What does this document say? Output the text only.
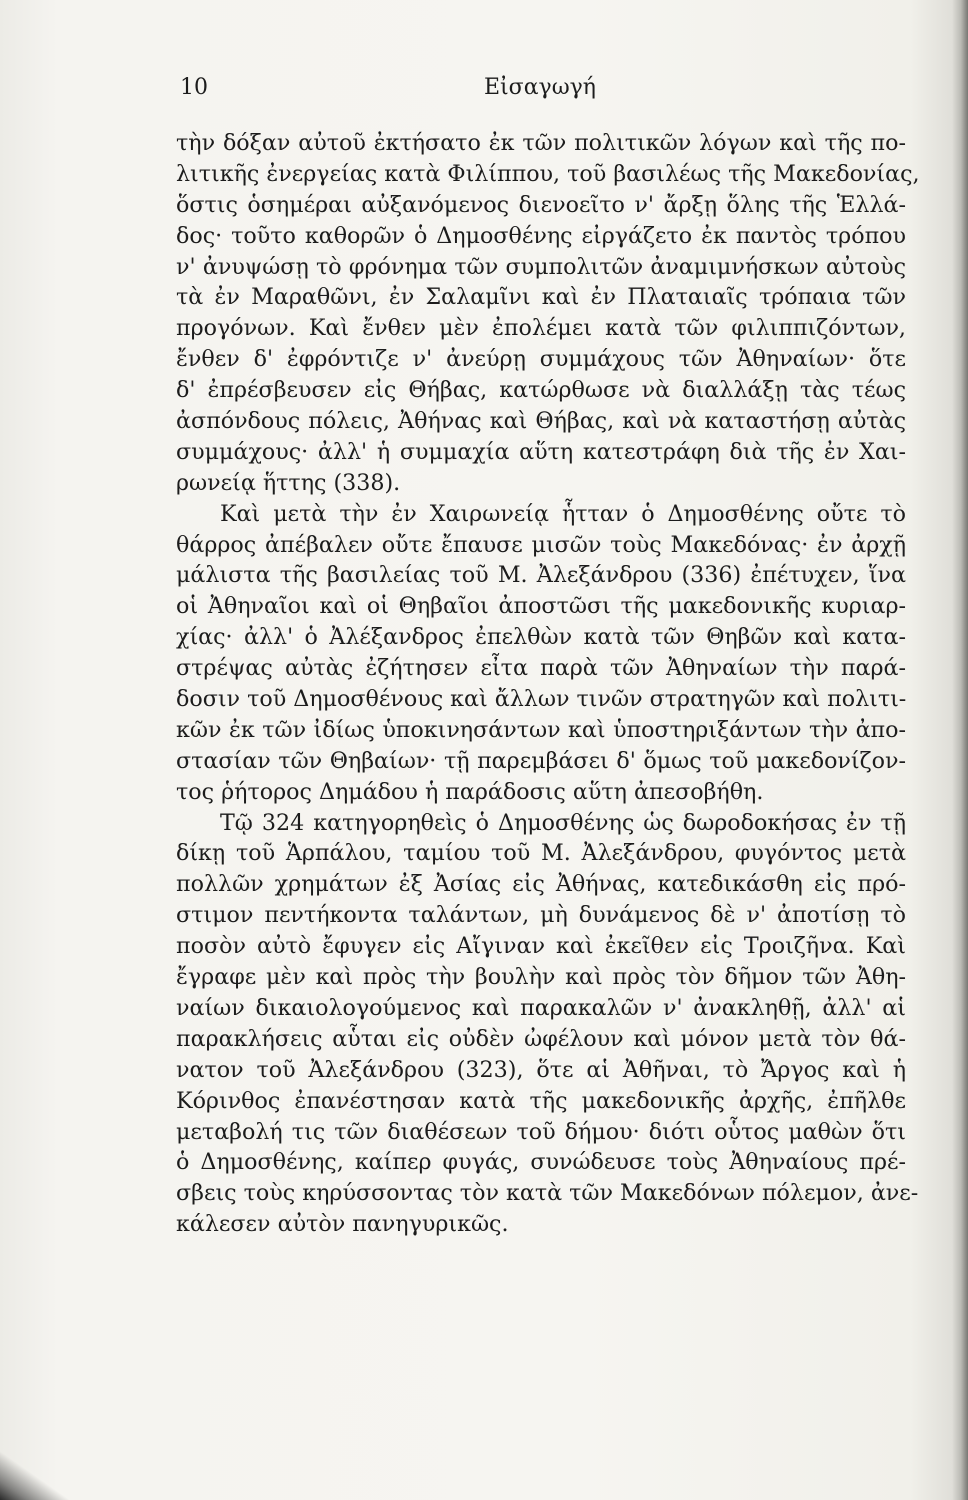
10	Εἰσαγωγή
τὴν δόξαν αὐτοῦ ἐκτήσατο ἐκ τῶν πολιτικῶν λόγων καὶ τῆς πο-
λιτικῆς ἐνεργείας κατὰ Φιλίππου, τοῦ βασιλέως τῆς Μακεδονίας,
ὅστις ὁσημέραι αὐξανόμενος διενοεῖτο ν' ἄρξῃ ὅλης τῆς Ἑλλά-
δος· τοῦτο καθορῶν ὁ Δημοσθένης εἰργάζετο ἐκ παντὸς τρόπου
ν' ἀνυψώσῃ τὸ φρόνημα τῶν συμπολιτῶν ἀναμιμνήσκων αὐτοὺς
τὰ ἐν Μαραθῶνι, ἐν Σαλαμῖνι καὶ ἐν Πλαταιαῖς τρόπαια τῶν
προγόνων. Καὶ ἔνθεν μὲν ἐπολέμει κατὰ τῶν φιλιππιζόντων,
ἔνθεν δ' ἐφρόντιζε ν' ἀνεύρῃ συμμάχους τῶν Ἀθηναίων· ὅτε
δ' ἐπρέσβευσεν εἰς Θήβας, κατώρθωσε νὰ διαλλάξῃ τὰς τέως
ἀσπόνδους πόλεις, Ἀθήνας καὶ Θήβας, καὶ νὰ καταστήσῃ αὐτὰς
συμμάχους· ἀλλ' ἡ συμμαχία αὕτη κατεστράφη διὰ τῆς ἐν Χαι-
ρωνείᾳ ἥττης (338).
Καὶ μετὰ τὴν ἐν Χαιρωνείᾳ ἧτταν ὁ Δημοσθένης οὔτε τὸ
θάρρος ἀπέβαλεν οὔτε ἔπαυσε μισῶν τοὺς Μακεδόνας· ἐν ἀρχῇ
μάλιστα τῆς βασιλείας τοῦ Μ. Ἀλεξάνδρου (336) ἐπέτυχεν, ἵνα
οἱ Ἀθηναῖοι καὶ οἱ Θηβαῖοι ἀποστῶσι τῆς μακεδονικῆς κυριαρ-
χίας· ἀλλ' ὁ Ἀλέξανδρος ἐπελθὼν κατὰ τῶν Θηβῶν καὶ κατα-
στρέψας αὐτὰς ἐζήτησεν εἶτα παρὰ τῶν Ἀθηναίων τὴν παρά-
δοσιν τοῦ Δημοσθένους καὶ ἄλλων τινῶν στρατηγῶν καὶ πολιτι-
κῶν ἐκ τῶν ἰδίως ὑποκινησάντων καὶ ὑποστηριξάντων τὴν ἀπο-
στασίαν τῶν Θηβαίων· τῇ παρεμβάσει δ' ὅμως τοῦ μακεδονίζον-
τος ῥήτορος Δημάδου ἡ παράδοσις αὕτη ἀπεσοβήθη.
Τῷ 324 κατηγορηθεὶς ὁ Δημοσθένης ὡς δωροδοκήσας ἐν τῇ
δίκῃ τοῦ Ἁρπάλου, ταμίου τοῦ Μ. Ἀλεξάνδρου, φυγόντος μετὰ
πολλῶν χρημάτων ἐξ Ἀσίας εἰς Ἀθήνας, κατεδικάσθη εἰς πρό-
στιμον πεντήκοντα ταλάντων, μὴ δυνάμενος δὲ ν' ἀποτίσῃ τὸ
ποσὸν αὐτὸ ἔφυγεν εἰς Αἴγιναν καὶ ἐκεῖθεν εἰς Τροιζῆνα. Καὶ
ἔγραφε μὲν καὶ πρὸς τὴν βουλὴν καὶ πρὸς τὸν δῆμον τῶν Ἀθη-
ναίων δικαιολογούμενος καὶ παρακαλῶν ν' ἀνακληθῇ, ἀλλ' αἱ
παρακλήσεις αὗται εἰς οὐδὲν ὠφέλουν καὶ μόνον μετὰ τὸν θά-
νατον τοῦ Ἀλεξάνδρου (323), ὅτε αἱ Ἀθῆναι, τὸ Ἄργος καὶ ἡ
Κόρινθος ἐπανέστησαν κατὰ τῆς μακεδονικῆς ἀρχῆς, ἐπῆλθε
μεταβολή τις τῶν διαθέσεων τοῦ δήμου· διότι οὗτος μαθὼν ὅτι
ὁ Δημοσθένης, καίπερ φυγάς, συνώδευσε τοὺς Ἀθηναίους πρέ-
σβεις τοὺς κηρύσσοντας τὸν κατὰ τῶν Μακεδόνων πόλεμον, ἀνε-
κάλεσεν αὐτὸν πανηγυρικῶς.
